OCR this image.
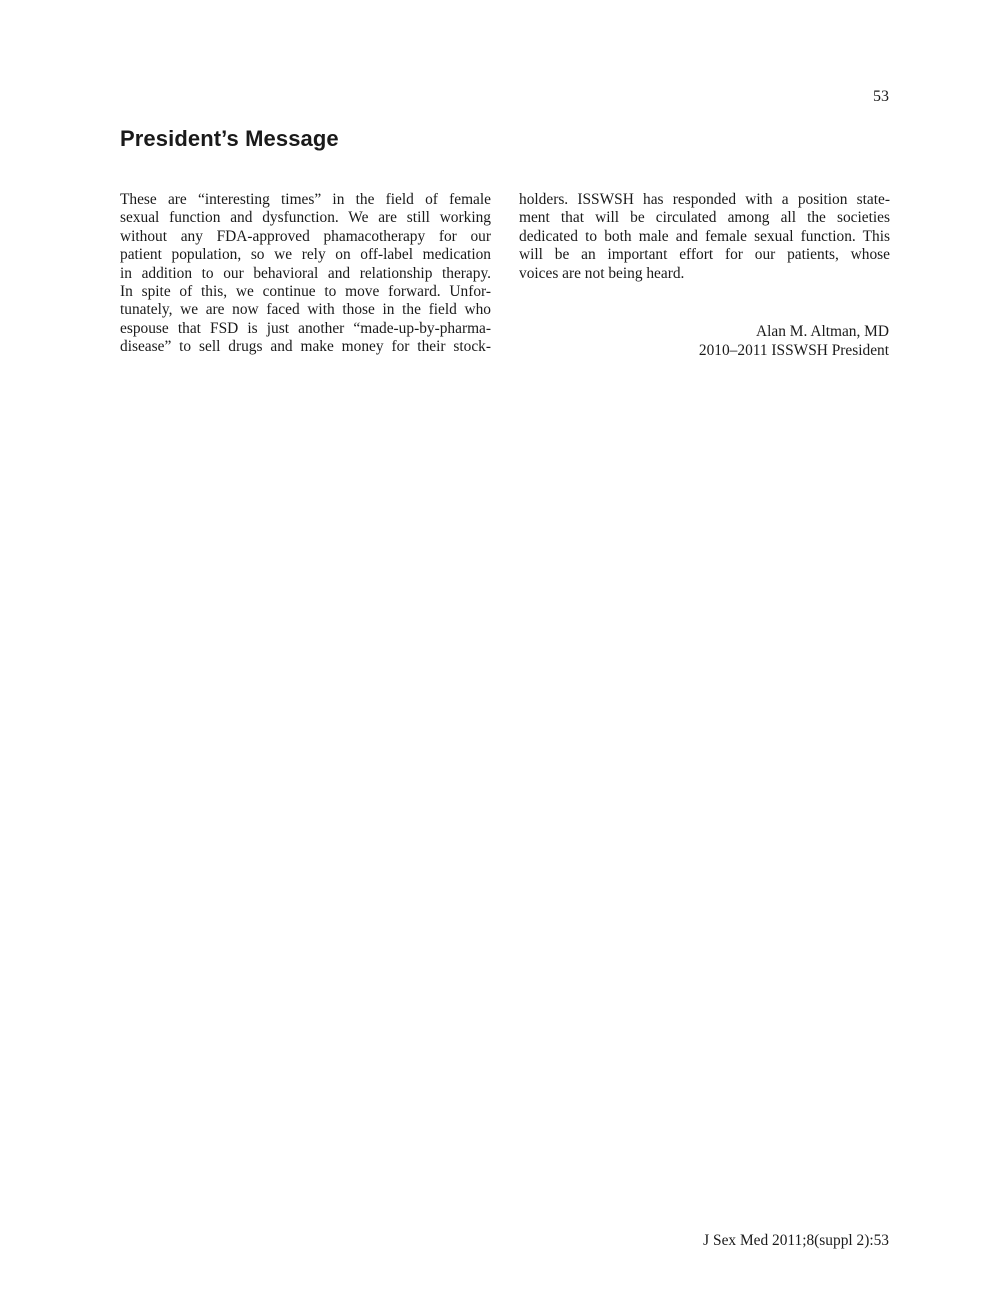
53
President’s Message
These are “interesting times” in the field of female
sexual function and dysfunction. We are still working
without any FDA-approved phamacotherapy for our
patient population, so we rely on off-label medication
in addition to our behavioral and relationship therapy.
In spite of this, we continue to move forward. Unfor-
tunately, we are now faced with those in the field who
espouse that FSD is just another “made-up-by-pharma-
disease” to sell drugs and make money for their stock-
holders. ISSWSH has responded with a position state-
ment that will be circulated among all the societies
dedicated to both male and female sexual function. This
will be an important effort for our patients, whose
voices are not being heard.
Alan M. Altman, MD
2010–2011 ISSWSH President
J Sex Med 2011;8(suppl 2):53
